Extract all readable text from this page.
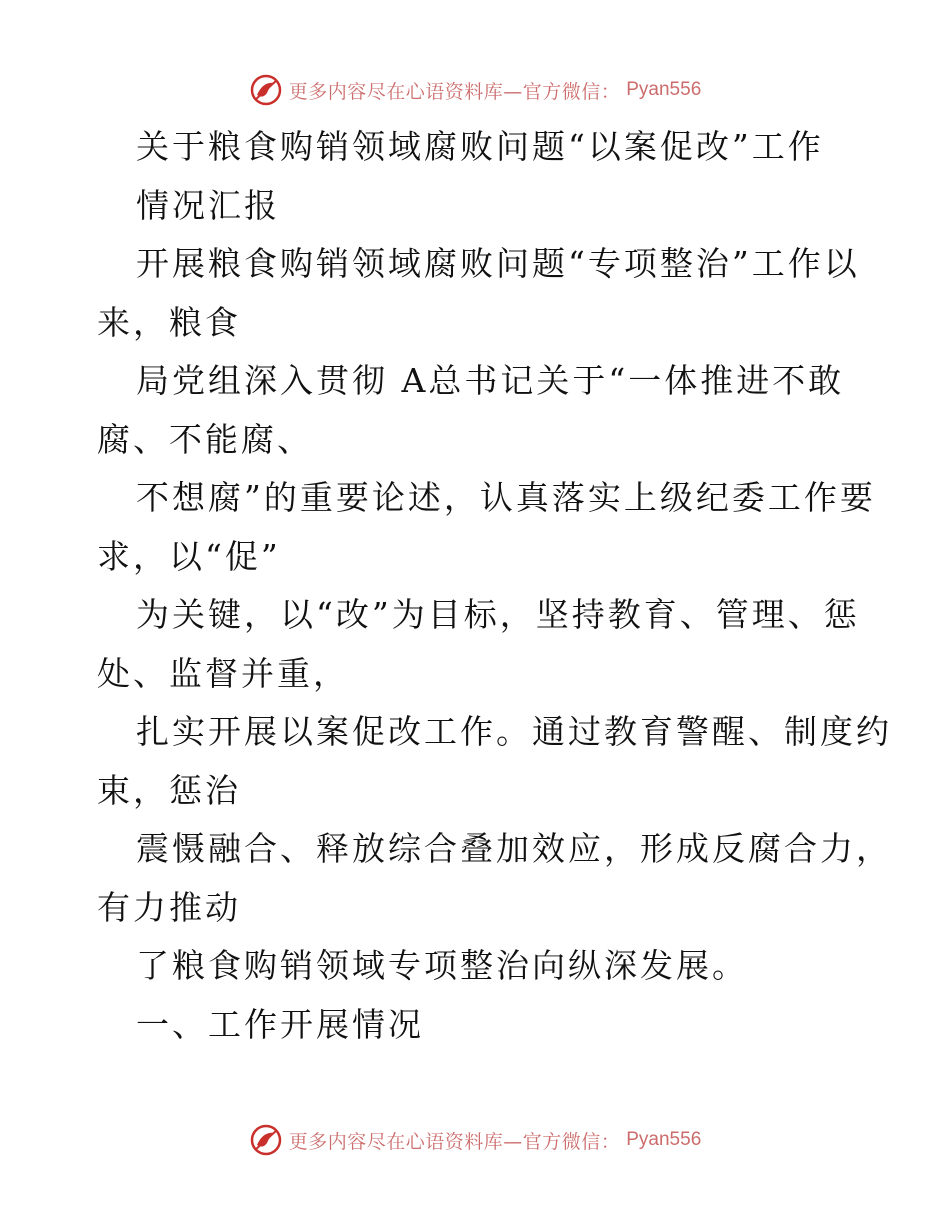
更多内容尽在心语资料库—官方微信： Pyan556
关于粮食购销领域腐败问题“以案促改”工作
情况汇报
开展粮食购销领域腐败问题“专项整治”工作以
来，粮食
局党组深入贯彻 A总书记关于“一体推进不敢
腐、不能腐、
不想腐”的重要论述，认真落实上级纪委工作要
求，以“促”
为关键，以“改”为目标，坚持教育、管理、惩
处、监督并重，
扎实开展以案促改工作。通过教育警醒、制度约
束，惩治
震慑融合、释放综合叠加效应，形成反腐合力，
有力推动
了粮食购销领域专项整治向纵深发展。
一、工作开展情况
更多内容尽在心语资料库—官方微信： Pyan556
